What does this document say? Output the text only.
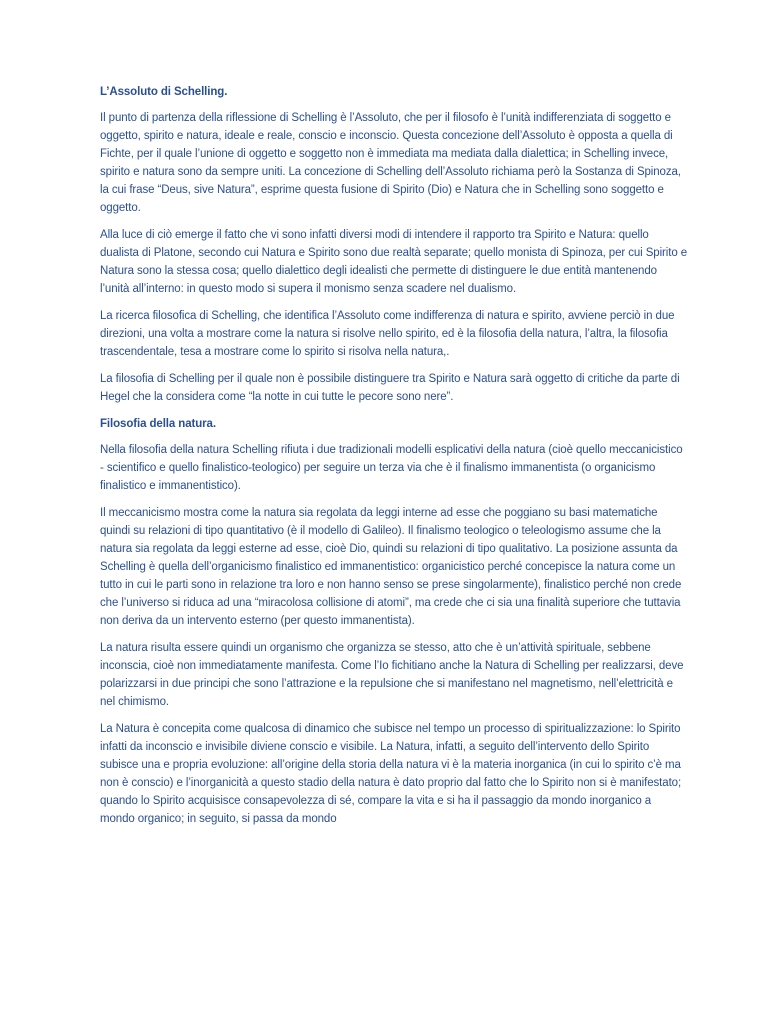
L’Assoluto di Schelling.

Il punto di partenza della riflessione di Schelling è l’Assoluto, che per il filosofo è l’unità indifferenziata di soggetto e oggetto, spirito e natura, ideale e reale, conscio e inconscio. Questa concezione dell’Assoluto è opposta a quella di Fichte, per il quale l’unione di oggetto e soggetto non è immediata ma mediata dalla dialettica; in Schelling invece, spirito e natura sono da sempre uniti. La concezione di Schelling dell’Assoluto richiama però la Sostanza di Spinoza, la cui frase “Deus, sive Natura”, esprime questa fusione di Spirito (Dio) e Natura che in Schelling sono soggetto e oggetto.

Alla luce di ciò emerge il fatto che vi sono infatti diversi modi di intendere il rapporto tra Spirito e Natura: quello dualista di Platone, secondo cui Natura e Spirito sono due realtà separate; quello monista di Spinoza, per cui Spirito e Natura sono la stessa cosa; quello dialettico degli idealisti che permette di distinguere le due entità mantenendo l’unità all’interno: in questo modo si supera il monismo senza scadere nel dualismo.

La ricerca filosofica di Schelling, che identifica l’Assoluto come indifferenza di natura e spirito, avviene perciò in due direzioni, una volta a mostrare come la natura si risolve nello spirito, ed è la filosofia della natura, l’altra, la filosofia trascendentale, tesa a mostrare come lo spirito si risolva nella natura,.

La filosofia di Schelling per il quale non è possibile distinguere tra Spirito e Natura sarà oggetto di critiche da parte di Hegel che la considera come “la notte in cui tutte le pecore sono nere”.

Filosofia della natura.

Nella filosofia della natura Schelling rifiuta i due tradizionali modelli esplicativi della natura (cioè quello meccanicistico - scientifico e quello finalistico-teologico) per seguire un terza via che è il finalismo immanentista (o organicismo finalistico e immanentistico).

Il meccanicismo mostra come la natura sia regolata da leggi interne ad esse che poggiano su basi matematiche quindi su relazioni di tipo quantitativo (è il modello di Galileo). Il finalismo teologico o teleologismo assume che la natura sia regolata da leggi esterne ad esse, cioè Dio, quindi su relazioni di tipo qualitativo. La posizione assunta da Schelling è quella dell’organicismo finalistico ed immanentistico: organicistico perché concepisce la natura come un tutto in cui le parti sono in relazione tra loro e non hanno senso se prese singolarmente), finalistico perché non crede che l’universo si riduca ad una “miracolosa collisione di atomi”, ma crede che ci sia una finalità superiore che tuttavia non deriva da un intervento esterno (per questo immanentista).

La natura risulta essere quindi un organismo che organizza se stesso, atto che è un’attività spirituale, sebbene inconscia, cioè non immediatamente manifesta. Come l’Io fichitiano anche la Natura di Schelling per realizzarsi, deve polarizzarsi in due principi che sono l’attrazione e la repulsione che si manifestano nel magnetismo, nell’elettricità e nel chimismo.

La Natura è concepita come qualcosa di dinamico che subisce nel tempo un processo di spiritualizzazione: lo Spirito infatti da inconscio e invisibile diviene conscio e visibile. La Natura, infatti, a seguito dell’intervento dello Spirito subisce una e propria evoluzione: all’origine della storia della natura vi è la materia inorganica (in cui lo spirito c’è ma non è conscio) e l’inorganicità a questo stadio della natura è dato proprio dal fatto che lo Spirito non si è manifestato; quando lo Spirito acquisisce consapevolezza di sé, compare la vita e si ha il passaggio da mondo inorganico a mondo organico; in seguito, si passa da mondo
